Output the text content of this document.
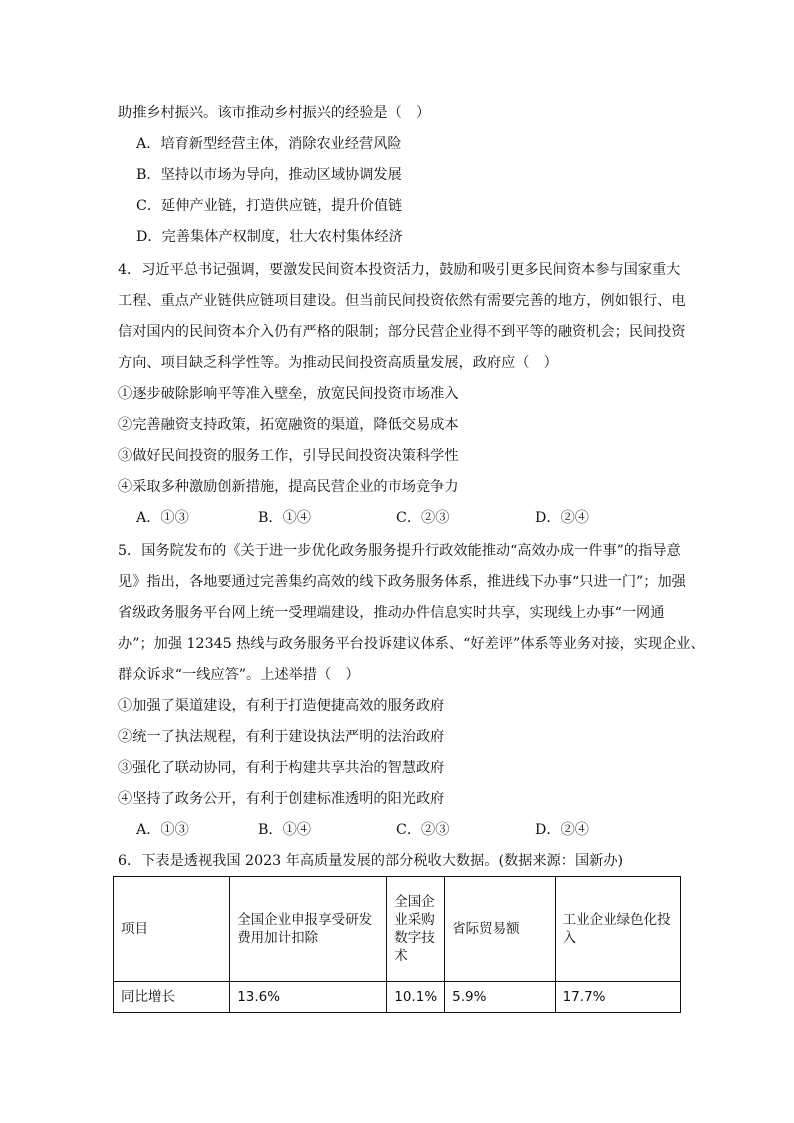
助推乡村振兴。该市推动乡村振兴的经验是（　）
A．培育新型经营主体，消除农业经营风险
B．坚持以市场为导向，推动区域协调发展
C．延伸产业链，打造供应链，提升价值链
D．完善集体产权制度，壮大农村集体经济
4．习近平总书记强调，要激发民间资本投资活力，鼓励和吸引更多民间资本参与国家重大
工程、重点产业链供应链项目建设。但当前民间投资依然有需要完善的地方，例如银行、电
信对国内的民间资本介入仍有严格的限制；部分民营企业得不到平等的融资机会；民间投资
方向、项目缺乏科学性等。为推动民间投资高质量发展，政府应（　）
①逐步破除影响平等准入壁垒，放宽民间投资市场准入
②完善融资支持政策，拓宽融资的渠道，降低交易成本
③做好民间投资的服务工作，引导民间投资决策科学性
④采取多种激励创新措施，提高民营企业的市场竞争力
A．①③	B．①④	C．②③	D．②④
5．国务院发布的《关于进一步优化政务服务提升行政效能推动“高效办成一件事”的指导意
见》指出，各地要通过完善集约高效的线下政务服务体系，推进线下办事“只进一门”；加强
省级政务服务平台网上统一受理端建设，推动办件信息实时共享，实现线上办事“一网通
办”；加强 12345 热线与政务服务平台投诉建议体系、“好差评”体系等业务对接，实现企业、
群众诉求“一线应答”。上述举措（　）
①加强了渠道建设，有利于打造便捷高效的服务政府
②统一了执法规程，有利于建设执法严明的法治政府
③强化了联动协同，有利于构建共享共治的智慧政府
④坚持了政务公开，有利于创建标准透明的阳光政府
A．①③	B．①④	C．②③	D．②④
6．下表是透视我国 2023 年高质量发展的部分税收大数据。(数据来源：国新办)
项目	全国企业申报享受研发费用加计扣除	全国企业采购数字技术	省际贸易额	工业企业绿色化投入
同比增长	13.6%	10.1%	5.9%	17.7%
